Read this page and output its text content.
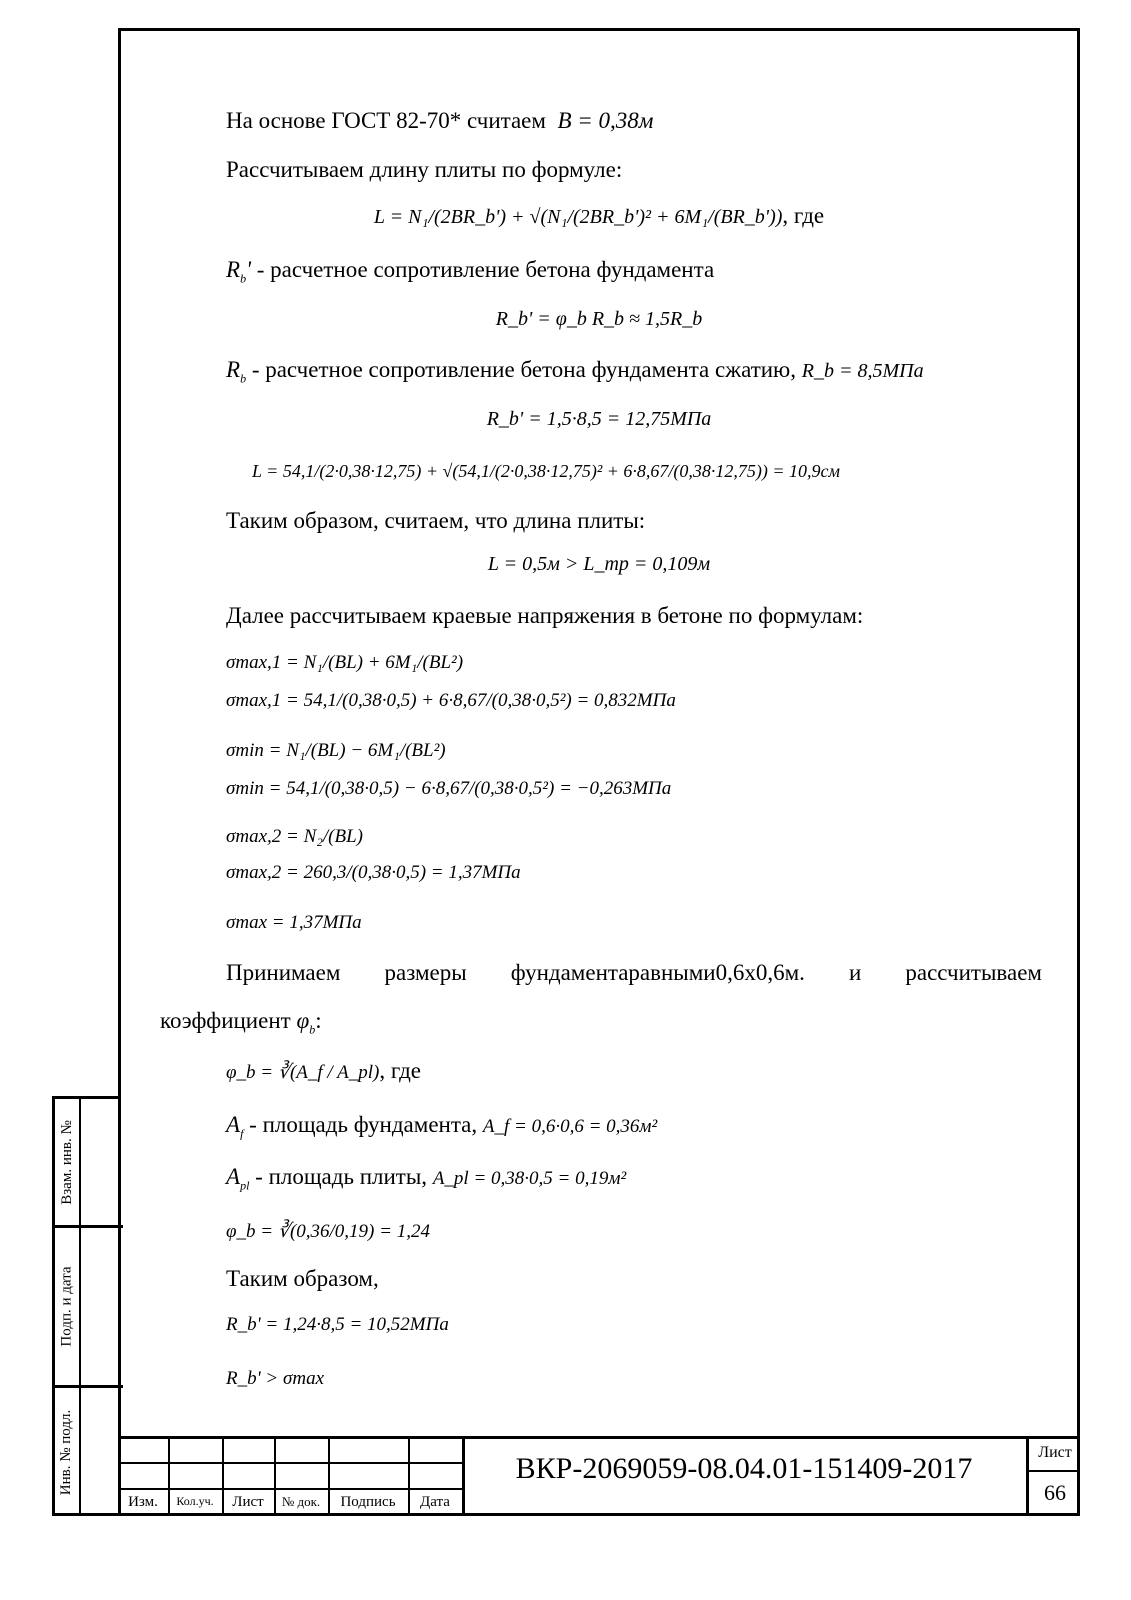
Взам. инв. №
Подп. и дата
Инв. № подл.
На основе ГОСТ 82-70* считаем B = 0,38м
Рассчитываем длину плиты по формуле:
L = N₁/(2BR_b') + √(N₁/(2BR_b')² + 6M₁/(BR_b')), где
$R_b'$ - расчетное сопротивление бетона фундамента
R_b' = φ_b R_b ≈ 1,5R_b
$R_b$ - расчетное сопротивление бетона фундамента сжатию, R_b = 8,5МПа
R_b' = 1,5·8,5 = 12,75МПа
L = 54,1/(2·0,38·12,75) + √(54,1/(2·0,38·12,75)² + 6·8,67/(0,38·12,75)) = 10,9см
Таким образом, считаем, что длина плиты:
L = 0,5м > L_тр = 0,109м
Далее рассчитываем краевые напряжения в бетоне по формулам:
σmax,1 = N₁/(BL) + 6M₁/(BL²)
σmax,1 = 54,1/(0,38·0,5) + 6·8,67/(0,38·0,5²) = 0,832МПа
σmin = N₁/(BL) − 6M₁/(BL²)
σmin = 54,1/(0,38·0,5) − 6·8,67/(0,38·0,5²) = −0,263МПа
σmax,2 = N₂/(BL)
σmax,2 = 260,3/(0,38·0,5) = 1,37МПа
σmax = 1,37МПа
Принимаем размеры фундаментаравными0,6х0,6м. и рассчитываем
коэффициент $\varphi_b$:
φ_b = ∛(A_f / A_pl), где
$A_f$ - площадь фундамента, A_f = 0,6·0,6 = 0,36м²
$A_{pl}$ - площадь плиты, A_pl = 0,38·0,5 = 0,19м²
φ_b = ∛(0,36/0,19) = 1,24
Таким образом,
R_b' = 1,24·8,5 = 10,52МПа
R_b' > σmax
Изм.	Кол.уч.	Лист	№ док.	Подпись	Дата
ВКР-2069059-08.04.01-151409-2017	Лист
66
